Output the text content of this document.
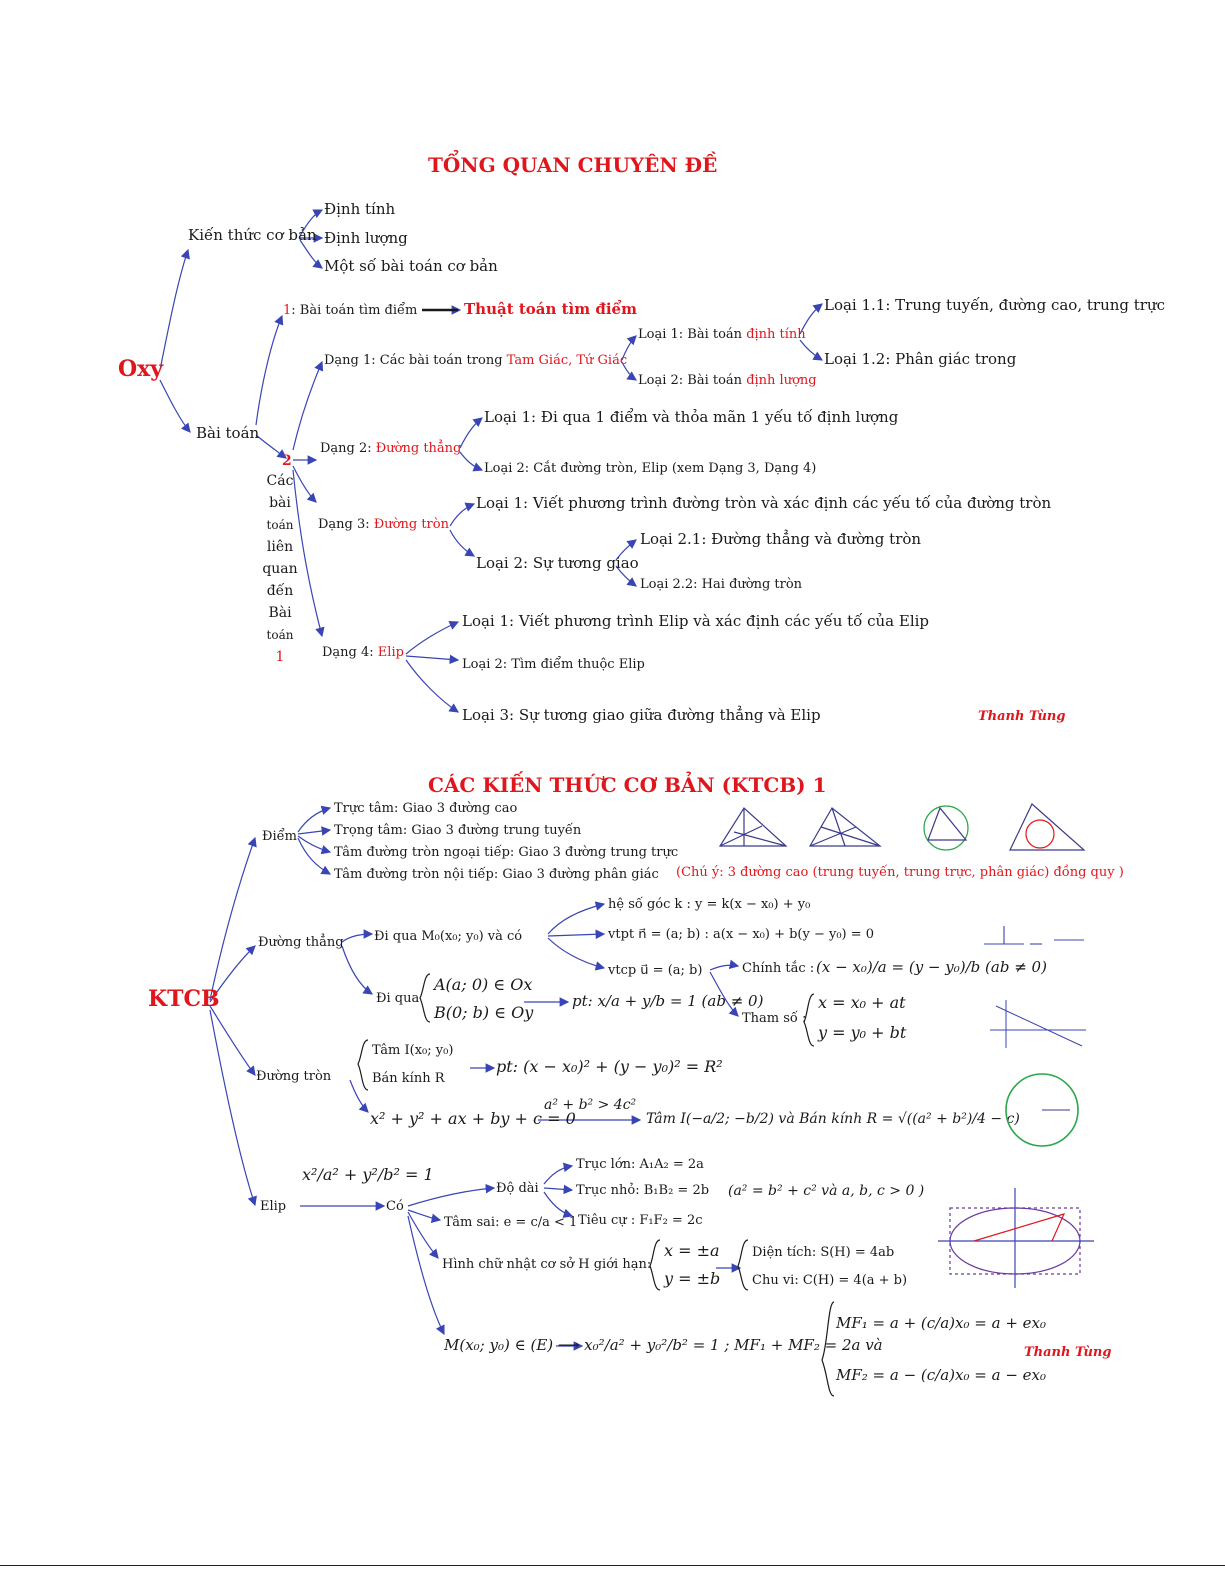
TỔNG QUAN CHUYÊN ĐỀ
Oxy
Kiến thức cơ bản
Định tính
Định lượng
Một số bài toán cơ bản
Bài toán
1: Bài toán tìm điểm	Thuật toán tìm điểm
2
Các
bài
toán
liên
quan
đến
Bài
toán
1
Dạng 1: Các bài toán trong Tam Giác, Tứ Giác
Loại 1: Bài toán định tính
Loại 2: Bài toán định lượng
Loại 1.1: Trung tuyến, đường cao, trung trực
Loại 1.2: Phân giác trong
Dạng 2: Đường thẳng
Loại 1: Đi qua 1 điểm và thỏa mãn 1 yếu tố định lượng
Loại 2: Cắt đường tròn, Elip (xem Dạng 3, Dạng 4)
Dạng 3: Đường tròn
Loại 1: Viết phương trình đường tròn và xác định các yếu tố của đường tròn
Loại 2: Sự tương giao
Loại 2.1: Đường thẳng và đường tròn
Loại 2.2: Hai đường tròn
Dạng 4: Elip
Loại 1: Viết phương trình Elip và xác định các yếu tố của Elip
Loại 2: Tìm điểm thuộc Elip
Loại 3: Sự tương giao giữa đường thẳng và Elip	Thanh Tùng
CÁC KIẾN THỨC CƠ BẢN (KTCB) 1
KTCB
Điểm
Trực tâm: Giao 3 đường cao
Trọng tâm: Giao 3 đường trung tuyến
Tâm đường tròn ngoại tiếp: Giao 3 đường trung trực
Tâm đường tròn nội tiếp: Giao 3 đường phân giác (Chú ý: 3 đường cao (trung tuyến, trung trực, phân giác) đồng quy )
Đường thẳng Đi qua M₀(x₀; y₀) và có
hệ số góc k : y = k(x − x₀) + y₀
vtpt n⃗ = (a; b) : a(x − x₀) + b(y − y₀) = 0
vtcp u⃗ = (a; b)	Chính tắc : (x − x₀)/a = (y − y₀)/b (ab ≠ 0)
Tham số :
x = x₀ + at
y = y₀ + bt
Đi qua
A(a; 0) ∈ Ox
B(0; b) ∈ Oy
pt: x/a + y/b = 1 (ab ≠ 0)
Đường tròn
Tâm I(x₀; y₀)
Bán kính R
pt: (x − x₀)² + (y − y₀)² = R²
x² + y² + ax + by + c = 0
a² + b² > 4c²
Tâm I(−a/2; −b/2) và Bán kính R = √((a² + b²)/4 − c)
Elip
x²/a² + y²/b² = 1
Có
Độ dài
Trục lớn: A₁A₂ = 2a
Trục nhỏ: B₁B₂ = 2b (a² = b² + c² và a, b, c > 0 )
Tâm sai: e = c/a < 1 Tiêu cự : F₁F₂ = 2c
Hình chữ nhật cơ sở H giới hạn:
x = ±a
y = ±b
Diện tích: S(H) = 4ab
Chu vi: C(H) = 4(a + b)
M(x₀; y₀) ∈ (E) ⟶ x₀²/a² + y₀²/b² = 1 ; MF₁ + MF₂ = 2a và
MF₁ = a + (c/a)x₀ = a + ex₀
MF₂ = a − (c/a)x₀ = a − ex₀
Thanh Tùng
